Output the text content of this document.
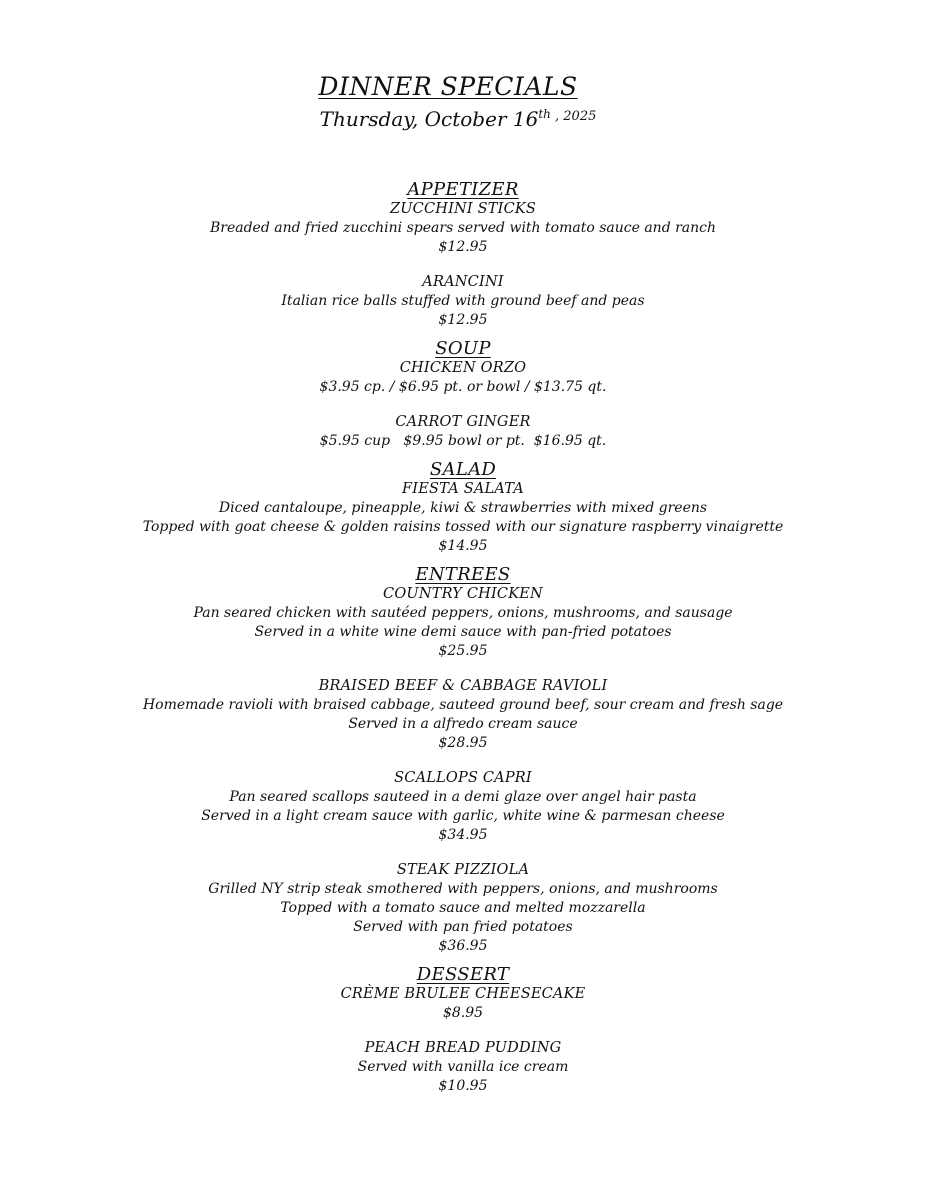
DINNER SPECIALS
Thursday, October 16th $^{, 2025}$
APPETIZER
ZUCCHINI STICKS
Breaded and fried zucchini spears served with tomato sauce and ranch
$12.95
ARANCINI
Italian rice balls stuffed with ground beef and peas
$12.95
SOUP
CHICKEN ORZO
$3.95 cp. / $6.95 pt. or bowl / $13.75 qt.
CARROT GINGER
$5.95 cup   $9.95 bowl or pt.  $16.95 qt.
SALAD
FIESTA SALATA
Diced cantaloupe, pineapple, kiwi & strawberries with mixed greens
Topped with goat cheese & golden raisins tossed with our signature raspberry vinaigrette
$14.95
ENTREES
COUNTRY CHICKEN
Pan seared chicken with sautéed peppers, onions, mushrooms, and sausage
Served in a white wine demi sauce with pan-fried potatoes
$25.95
BRAISED BEEF & CABBAGE RAVIOLI
Homemade ravioli with braised cabbage, sauteed ground beef, sour cream and fresh sage
Served in a alfredo cream sauce
$28.95
SCALLOPS CAPRI
Pan seared scallops sauteed in a demi glaze over angel hair pasta
Served in a light cream sauce with garlic, white wine & parmesan cheese
$34.95
STEAK PIZZIOLA
Grilled NY strip steak smothered with peppers, onions, and mushrooms
Topped with a tomato sauce and melted mozzarella
Served with pan fried potatoes
$36.95
DESSERT
CRÈME BRULEE CHEESECAKE
$8.95
PEACH BREAD PUDDING
Served with vanilla ice cream
$10.95
